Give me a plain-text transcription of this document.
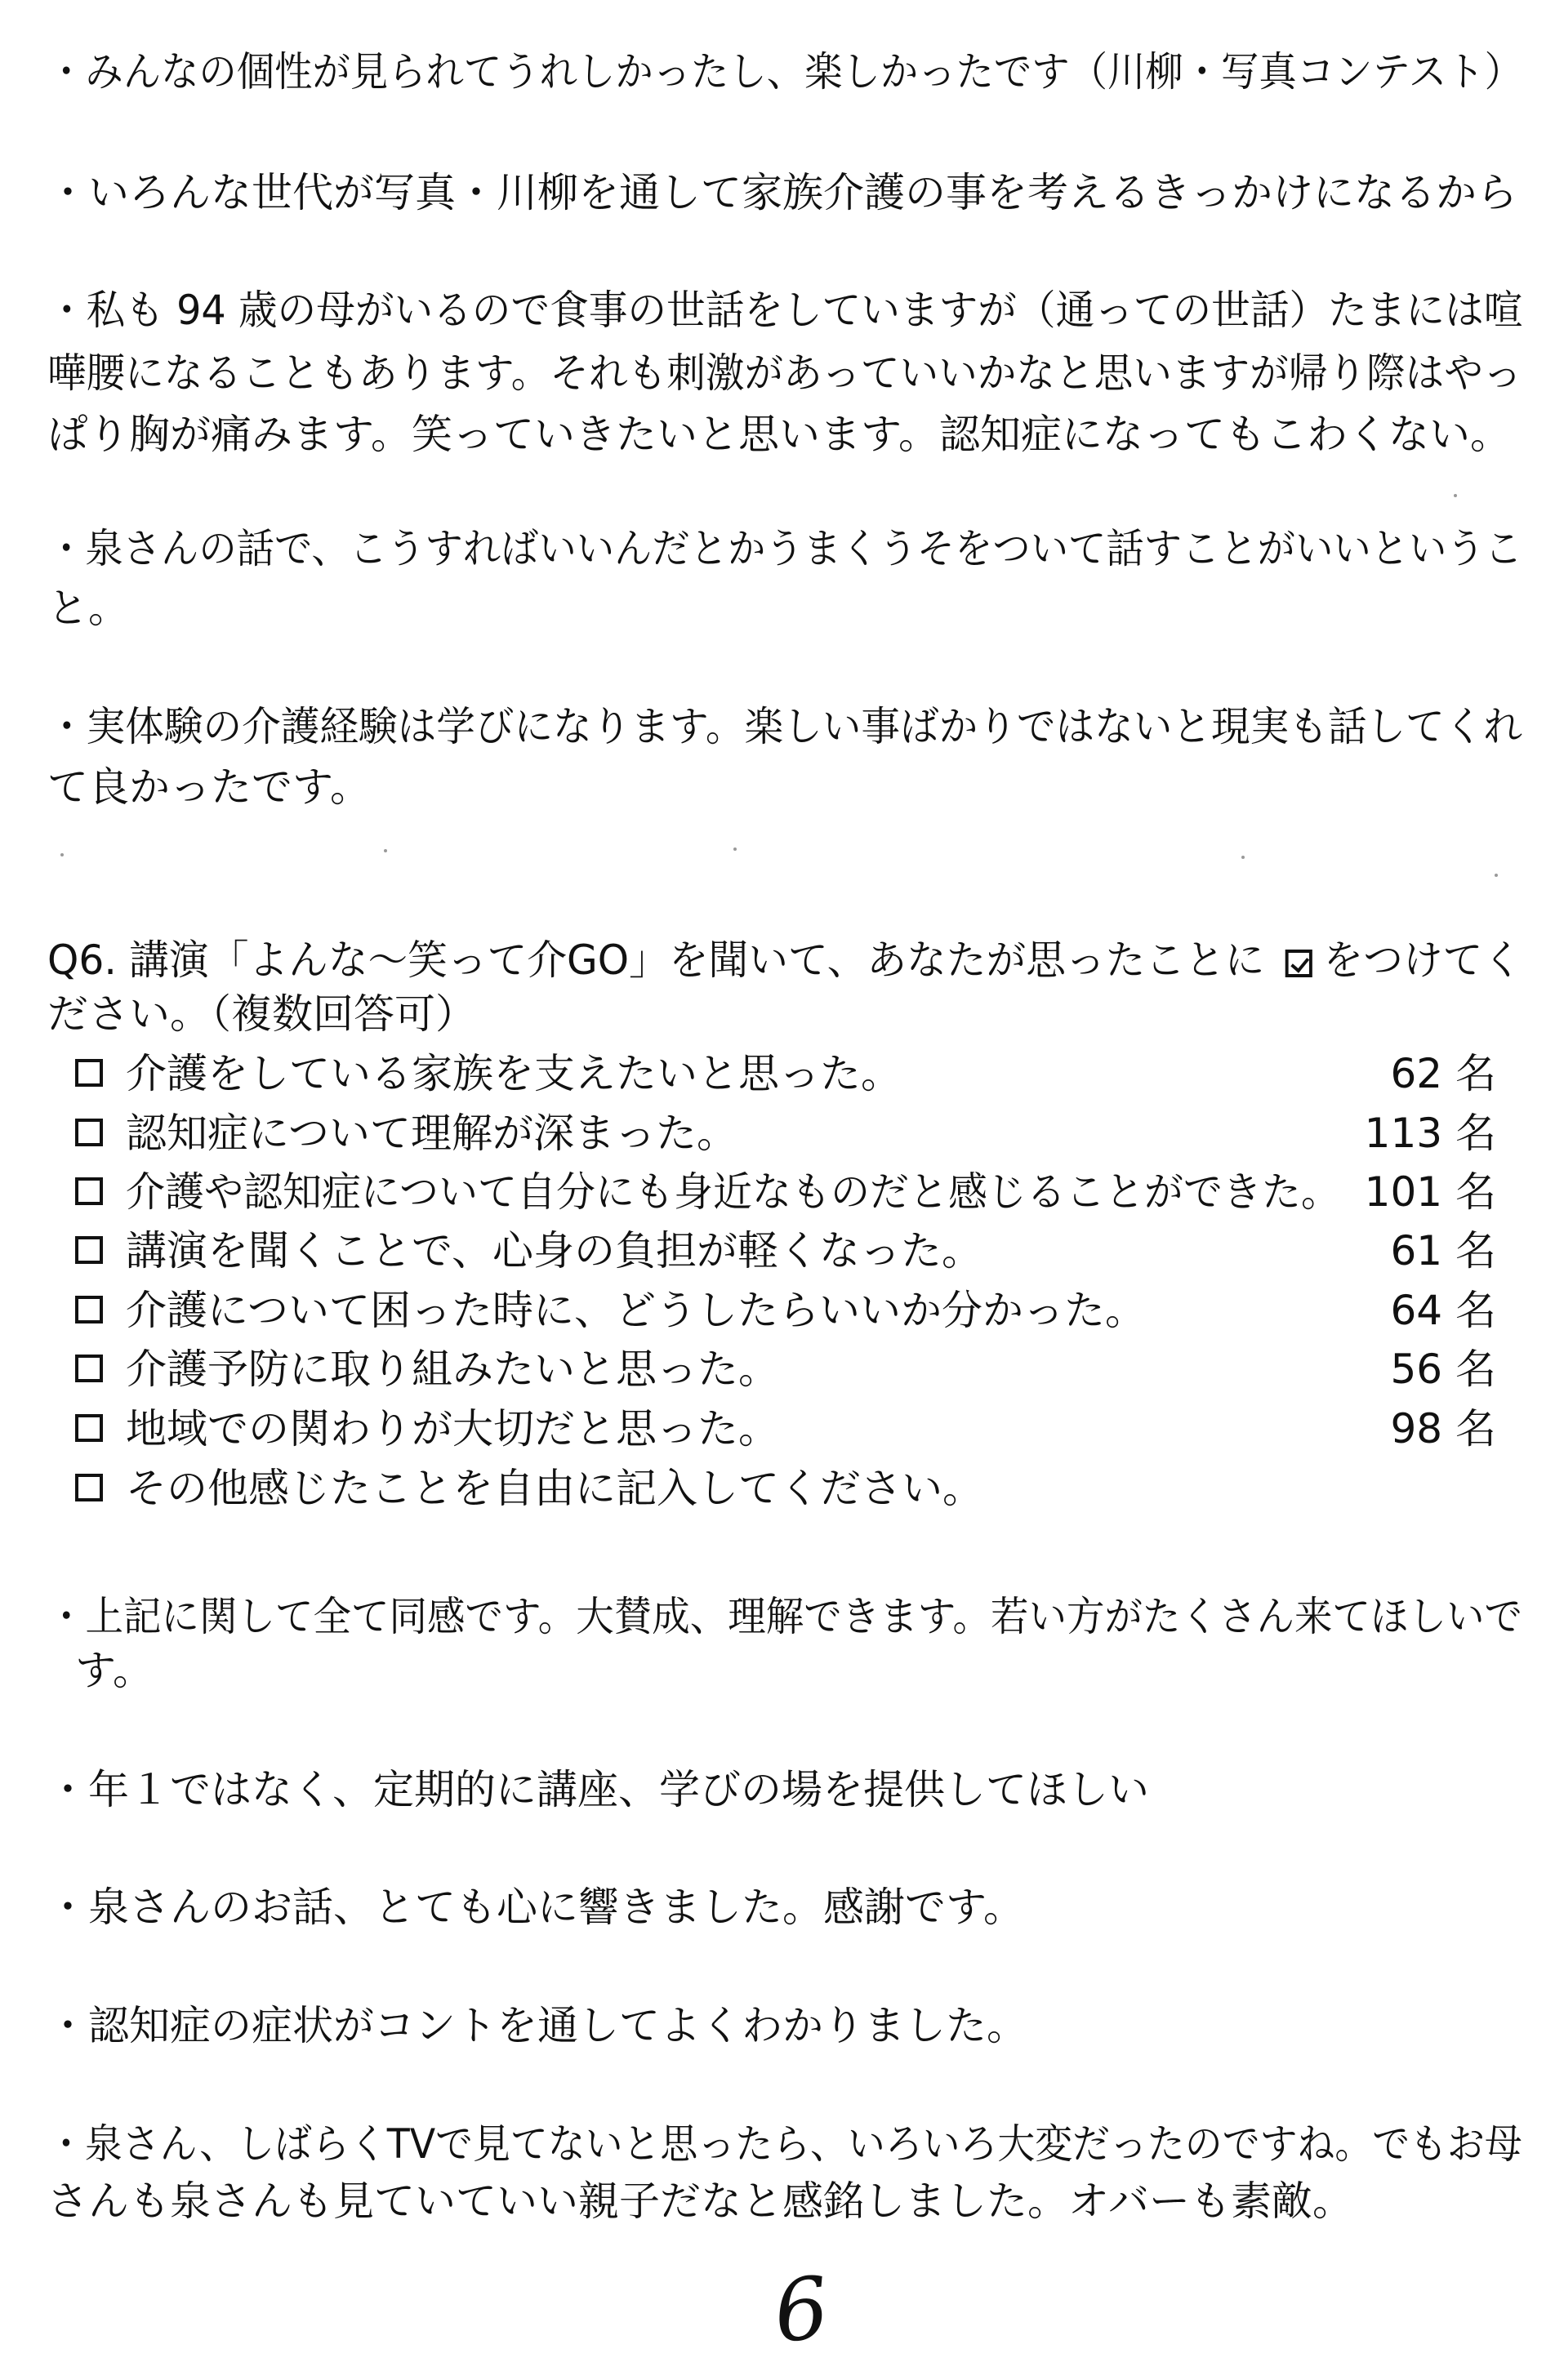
・みんなの個性が見られてうれしかったし、楽しかったです（川柳・写真コンテスト）
・いろんな世代が写真・川柳を通して家族介護の事を考えるきっかけになるから
・私も 94 歳の母がいるので食事の世話をしていますが（通っての世話）たまには喧
嘩腰になることもあります。それも刺激があっていいかなと思いますが帰り際はやっ
ぱり胸が痛みます。笑っていきたいと思います。認知症になってもこわくない。
・泉さんの話で、こうすればいいんだとかうまくうそをついて話すことがいいというこ
と。
・実体験の介護経験は学びになります。楽しい事ばかりではないと現実も話してくれ
て良かったです。
Q6. 講演「よんな～笑って介GO」を聞いて、あなたが思ったことに をつけてく
ださい。（複数回答可）
介護をしている家族を支えたいと思った。	62 名
認知症について理解が深まった。	113 名
介護や認知症について自分にも身近なものだと感じることができた。 101 名
講演を聞くことで、心身の負担が軽くなった。	61 名
介護について困った時に、どうしたらいいか分かった。	64 名
介護予防に取り組みたいと思った。	56 名
地域での関わりが大切だと思った。	98 名
その他感じたことを自由に記入してください。
・上記に関して全て同感です。大賛成、理解できます。若い方がたくさん来てほしいで
す。
・年１ではなく、定期的に講座、学びの場を提供してほしい
・泉さんのお話、とても心に響きました。感謝です。
・認知症の症状がコントを通してよくわかりました。
・泉さん、しばらくTVで見てないと思ったら、いろいろ大変だったのですね。でもお母
さんも泉さんも見ていていい親子だなと感銘しました。オバーも素敵。
6
